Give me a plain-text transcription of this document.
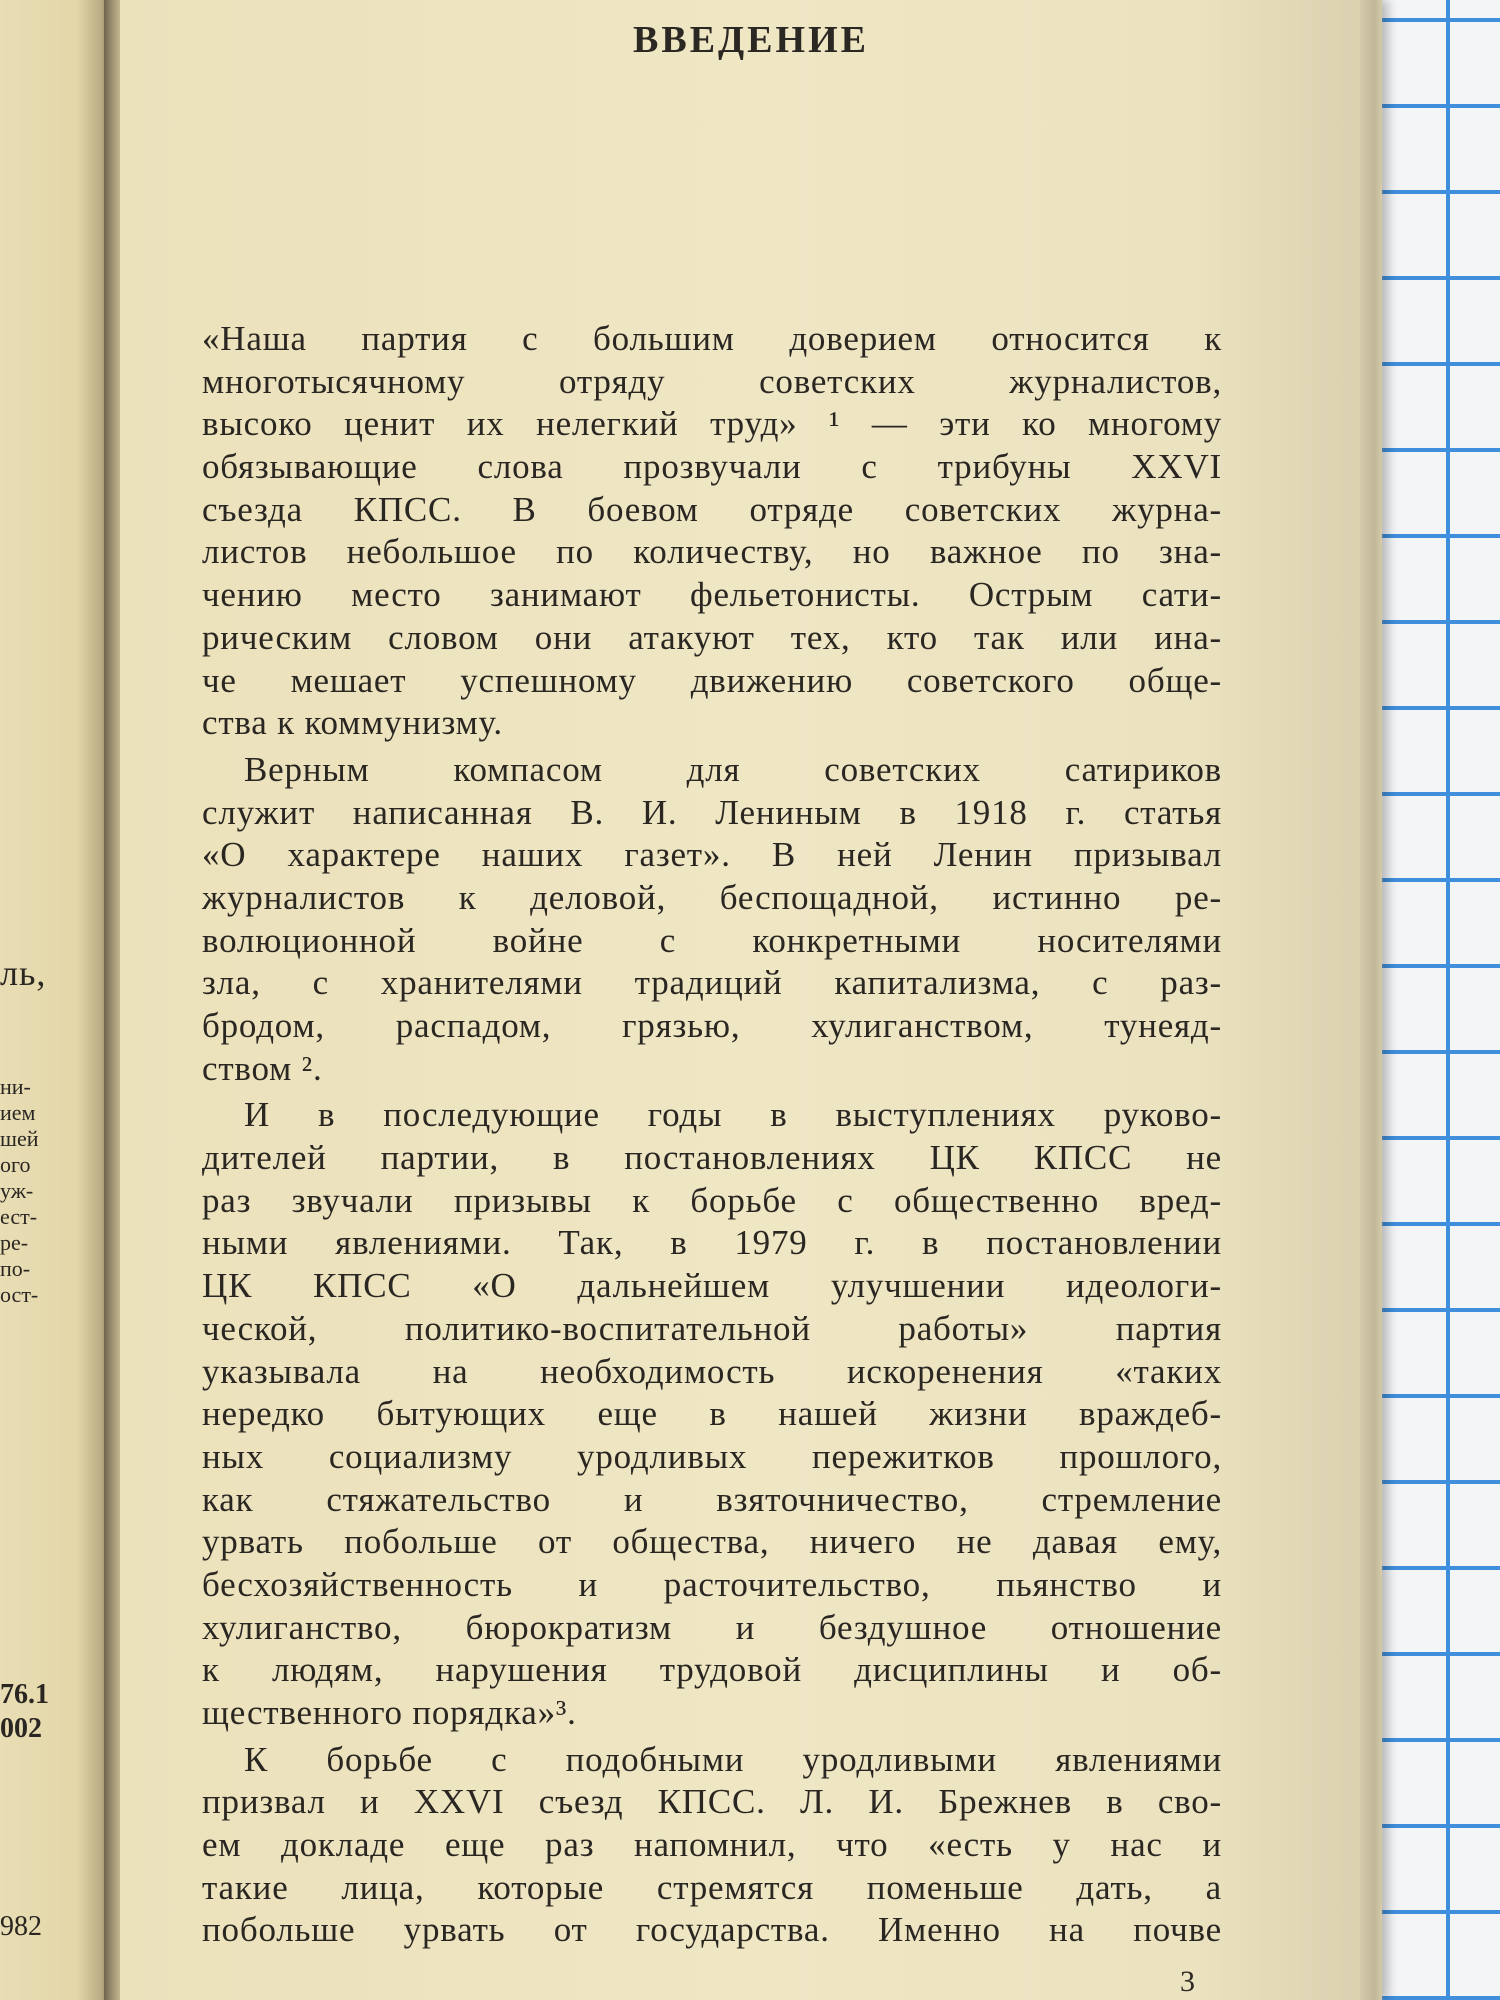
ль,
ни-
ием
шей
ого
уж-
ест-
ре-
по-
ост-
76.1
002
982
ВВЕДЕНИЕ
«Наша партия с большим доверием относится к
многотысячному отряду советских журналистов,
высоко ценит их нелегкий труд» ¹ — эти ко многому
обязывающие слова прозвучали с трибуны XXVI
съезда КПСС. В боевом отряде советских журна-
листов небольшое по количеству, но важное по зна-
чению место занимают фельетонисты. Острым сати-
рическим словом они атакуют тех, кто так или ина-
че мешает успешному движению советского обще-
ства к коммунизму.
Верным компасом для советских сатириков
служит написанная В. И. Лениным в 1918 г. статья
«О характере наших газет». В ней Ленин призывал
журналистов к деловой, беспощадной, истинно ре-
волюционной войне с конкретными носителями
зла, с хранителями традиций капитализма, с раз-
бродом, распадом, грязью, хулиганством, тунеяд-
ством ².
И в последующие годы в выступлениях руково-
дителей партии, в постановлениях ЦК КПСС не
раз звучали призывы к борьбе с общественно вред-
ными явлениями. Так, в 1979 г. в постановлении
ЦК КПСС «О дальнейшем улучшении идеологи-
ческой, политико-воспитательной работы» партия
указывала на необходимость искоренения «таких
нередко бытующих еще в нашей жизни враждеб-
ных социализму уродливых пережитков прошлого,
как стяжательство и взяточничество, стремление
урвать побольше от общества, ничего не давая ему,
бесхозяйственность и расточительство, пьянство и
хулиганство, бюрократизм и бездушное отношение
к людям, нарушения трудовой дисциплины и об-
щественного порядка»³.
К борьбе с подобными уродливыми явлениями
призвал и XXVI съезд КПСС. Л. И. Брежнев в сво-
ем докладе еще раз напомнил, что «есть у нас и
такие лица, которые стремятся поменьше дать, а
побольше урвать от государства. Именно на почве
3
